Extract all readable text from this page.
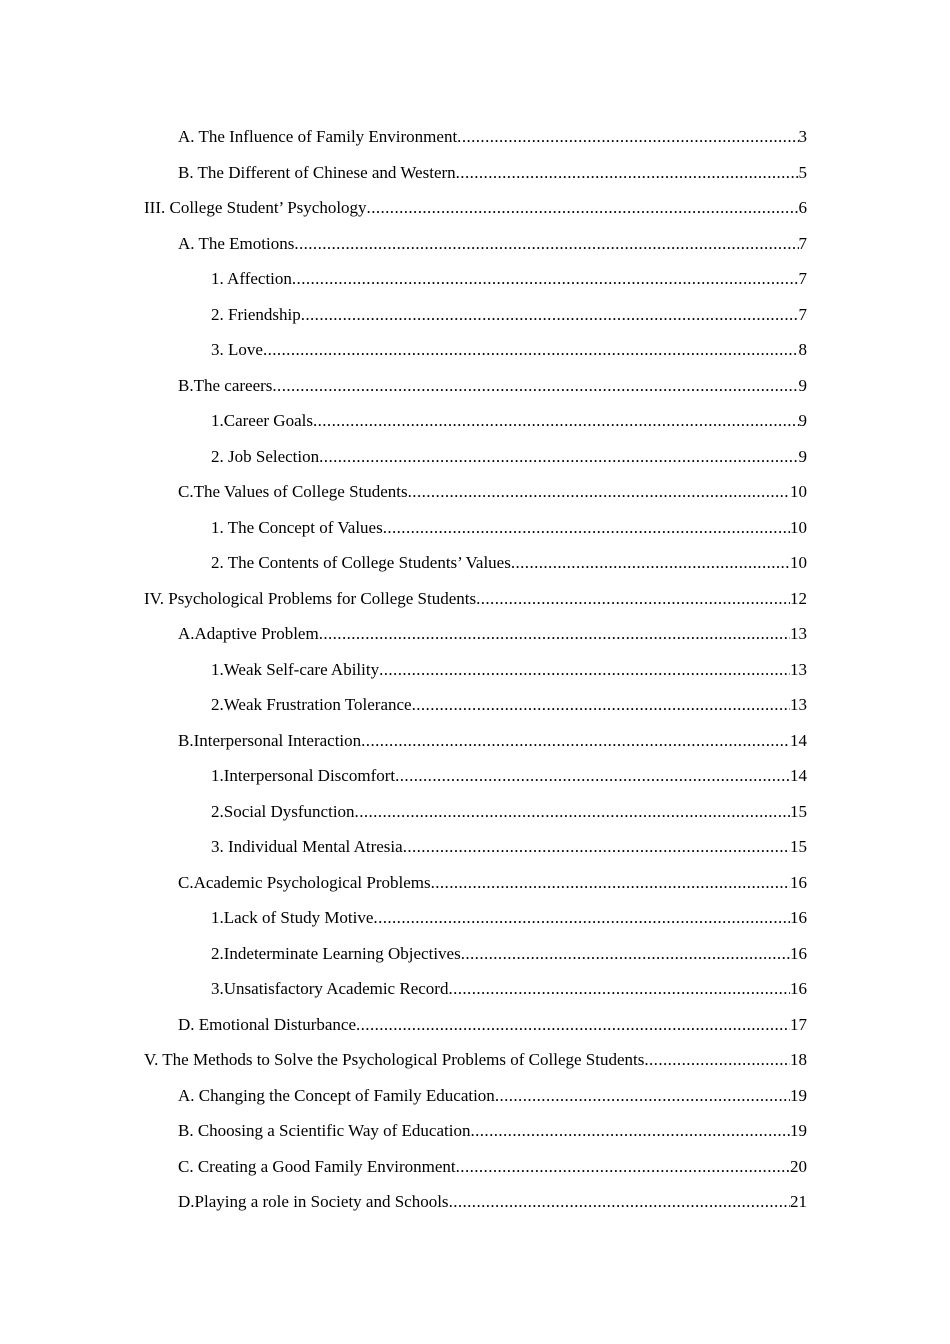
A. The Influence of Family Environment .....	3
B. The Different of Chinese and Western .....	5
III. College Student’ Psychology .....	6
A. The Emotions .....	7
1. Affection .....	7
2. Friendship .....	7
3. Love .....	8
B.The careers .....	9
1.Career Goals .....	9
2. Job Selection .....	9
C.The Values of College Students .....	10
1. The Concept of Values .....	10
2. The Contents of College Students’ Values .....	10
IV. Psychological Problems for College Students .....	12
A.Adaptive Problem .....	13
1.Weak Self-care Ability .....	13
2.Weak Frustration Tolerance .....	13
B.Interpersonal Interaction .....	14
1.Interpersonal Discomfort .....	14
2.Social Dysfunction .....	15
3. Individual Mental Atresia .....	15
C.Academic Psychological Problems .....	16
1.Lack of Study Motive .....	16
2.Indeterminate Learning Objectives .....	16
3.Unsatisfactory Academic Record .....	16
D. Emotional Disturbance .....	17
V. The Methods to Solve the Psychological Problems of College Students .....	18
A. Changing the Concept of Family Education .....	19
B. Choosing a Scientific Way of Education .....	19
C. Creating a Good Family Environment .....	20
D.Playing a role in Society and Schools .....	21
